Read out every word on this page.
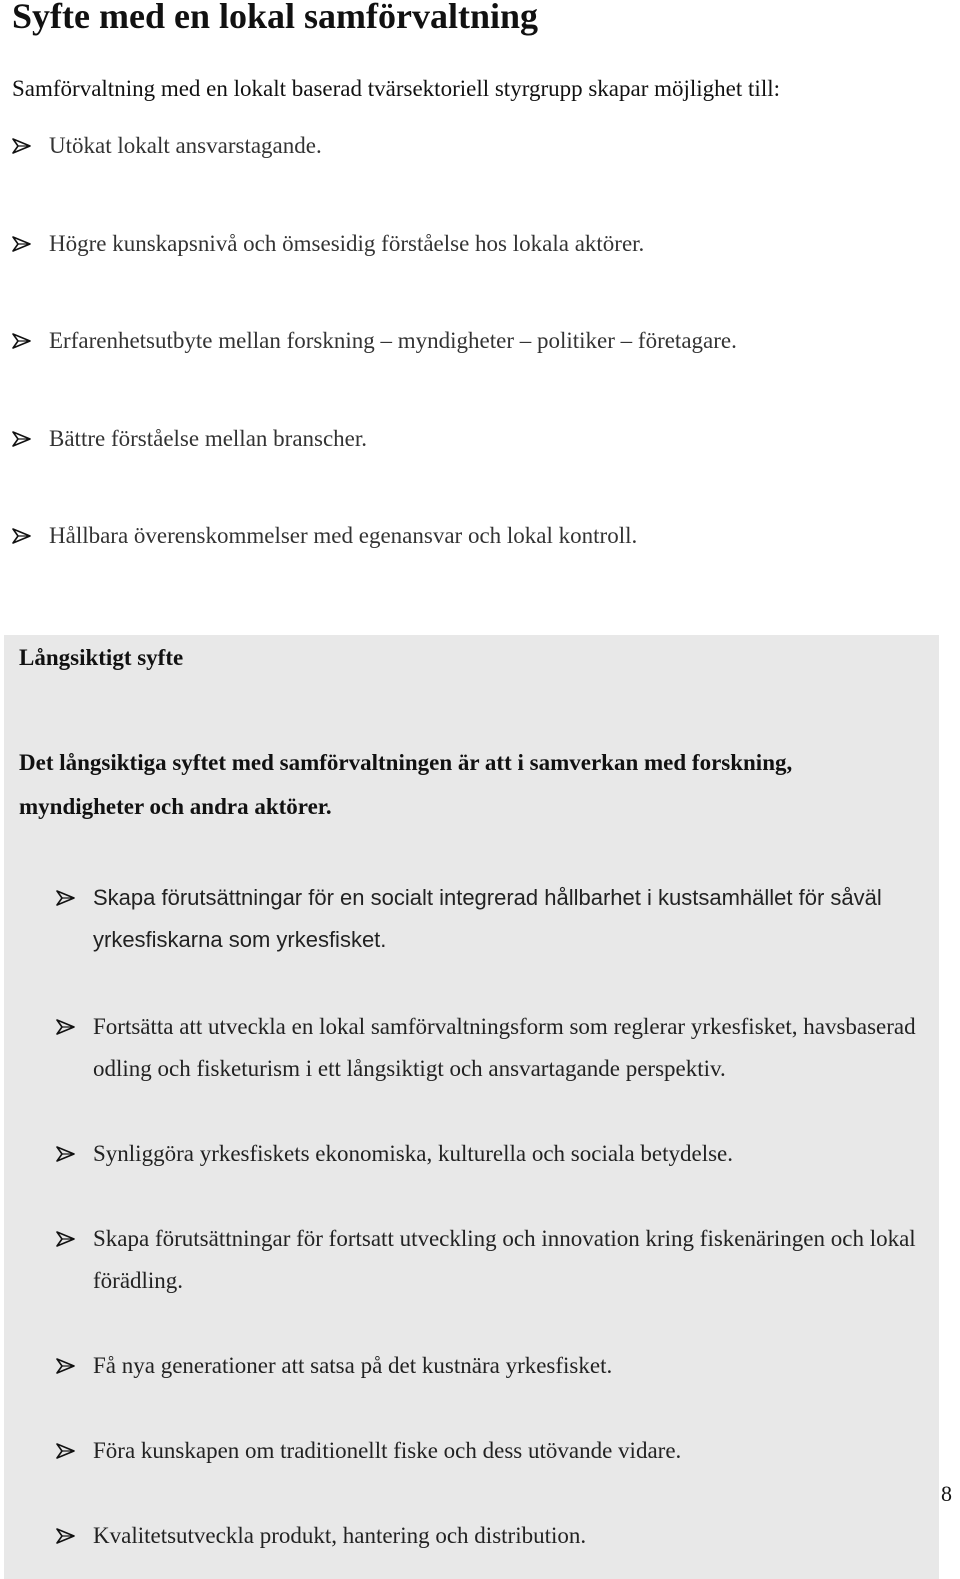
Syfte med en lokal samförvaltning
Samförvaltning med en lokalt baserad tvärsektoriell styrgrupp skapar möjlighet till:
Utökat lokalt ansvarstagande.
Högre kunskapsnivå och ömsesidig förståelse hos lokala aktörer.
Erfarenhetsutbyte mellan forskning – myndigheter – politiker – företagare.
Bättre förståelse mellan branscher.
Hållbara överenskommelser med egenansvar och lokal kontroll.
Långsiktigt syfte
Det långsiktiga syftet med samförvaltningen är att i samverkan med forskning, myndigheter och andra aktörer.
Skapa förutsättningar för en socialt integrerad hållbarhet i kustsamhället för såväl yrkesfiskarna som yrkesfisket.
Fortsätta att utveckla en lokal samförvaltningsform som reglerar yrkesfisket, havsbaserad odling och fisketurism i ett långsiktigt och ansvartagande perspektiv.
Synliggöra yrkesfiskets ekonomiska, kulturella och sociala betydelse.
Skapa förutsättningar för fortsatt utveckling och innovation kring fiskenäringen och lokal förädling.
Få nya generationer att satsa på det kustnära yrkesfisket.
Föra kunskapen om traditionellt fiske och dess utövande vidare.
Kvalitetsutveckla produkt, hantering och distribution.
8
